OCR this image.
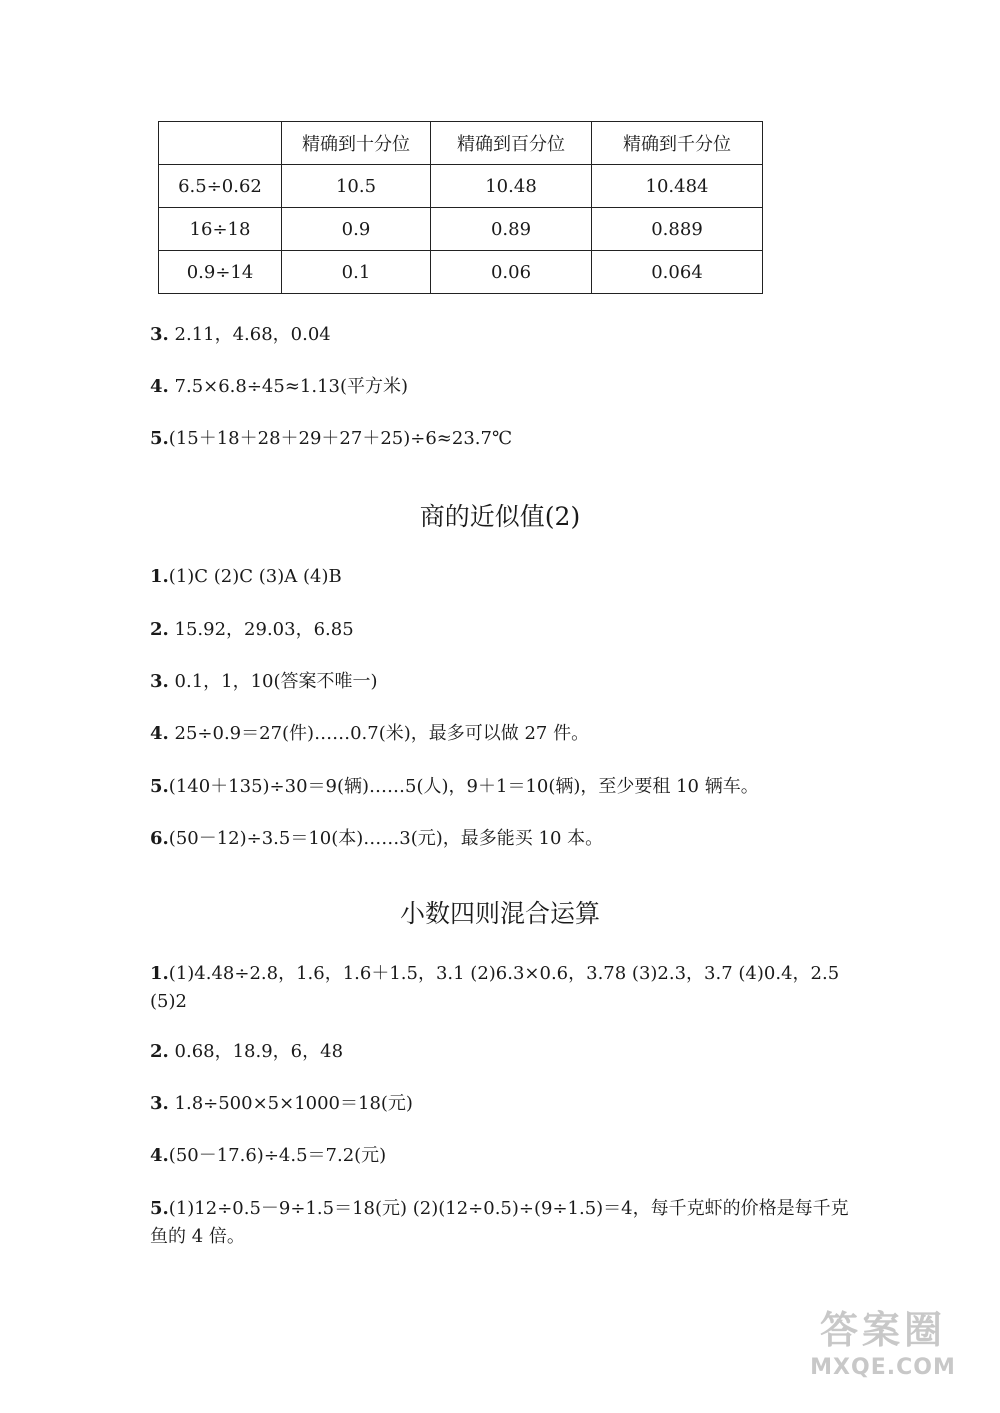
	精确到十分位	精确到百分位	精确到千分位
6.5÷0.62	10.5	10.48	10.484
16÷18	0.9	0.89	0.889
0.9÷14	0.1	0.06	0.064
3. 2.11，4.68，0.04
4. 7.5×6.8÷45≈1.13(平方米)
5.(15＋18＋28＋29＋27＋25)÷6≈23.7℃
商的近似值(2)
1.(1)C (2)C (3)A (4)B
2. 15.92，29.03，6.85
3. 0.1，1，10(答案不唯一)
4. 25÷0.9＝27(件)……0.7(米)，最多可以做 27 件。
5.(140＋135)÷30＝9(辆)……5(人)，9＋1＝10(辆)，至少要租 10 辆车。
6.(50－12)÷3.5＝10(本)……3(元)，最多能买 10 本。
小数四则混合运算
1.(1)4.48÷2.8，1.6，1.6＋1.5，3.1 (2)6.3×0.6，3.78 (3)2.3，3.7 (4)0.4，2.5 (5)2
2. 0.68，18.9，6，48
3. 1.8÷500×5×1000＝18(元)
4.(50－17.6)÷4.5＝7.2(元)
5.(1)12÷0.5－9÷1.5＝18(元) (2)(12÷0.5)÷(9÷1.5)＝4，每千克虾的价格是每千克鱼的 4 倍。
答案圈
MXQE.COM
